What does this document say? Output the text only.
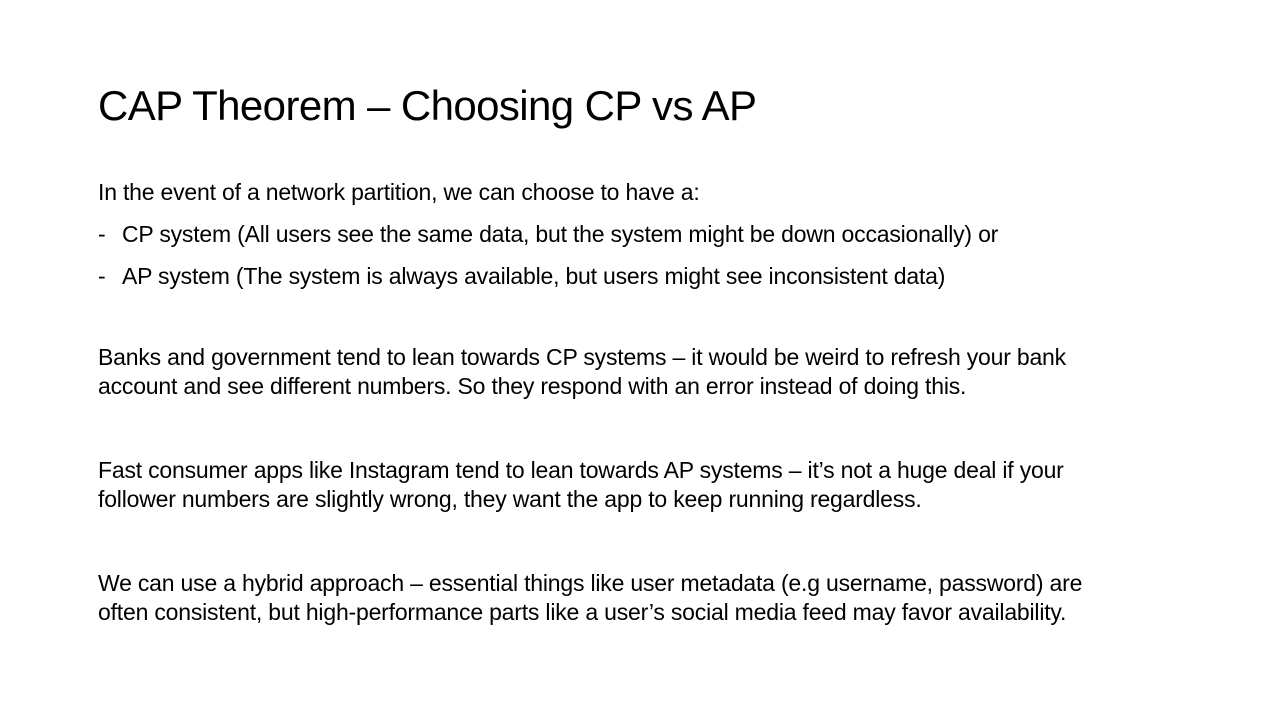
CAP Theorem – Choosing CP vs AP

In the event of a network partition, we can choose to have a:

- CP system (All users see the same data, but the system might be down occasionally) or
- AP system (The system is always available, but users might see inconsistent data)

Banks and government tend to lean towards CP systems – it would be weird to refresh your bank
account and see different numbers. So they respond with an error instead of doing this.

Fast consumer apps like Instagram tend to lean towards AP systems – it’s not a huge deal if your
follower numbers are slightly wrong, they want the app to keep running regardless.

We can use a hybrid approach – essential things like user metadata (e.g username, password) are
often consistent, but high-performance parts like a user’s social media feed may favor availability.
